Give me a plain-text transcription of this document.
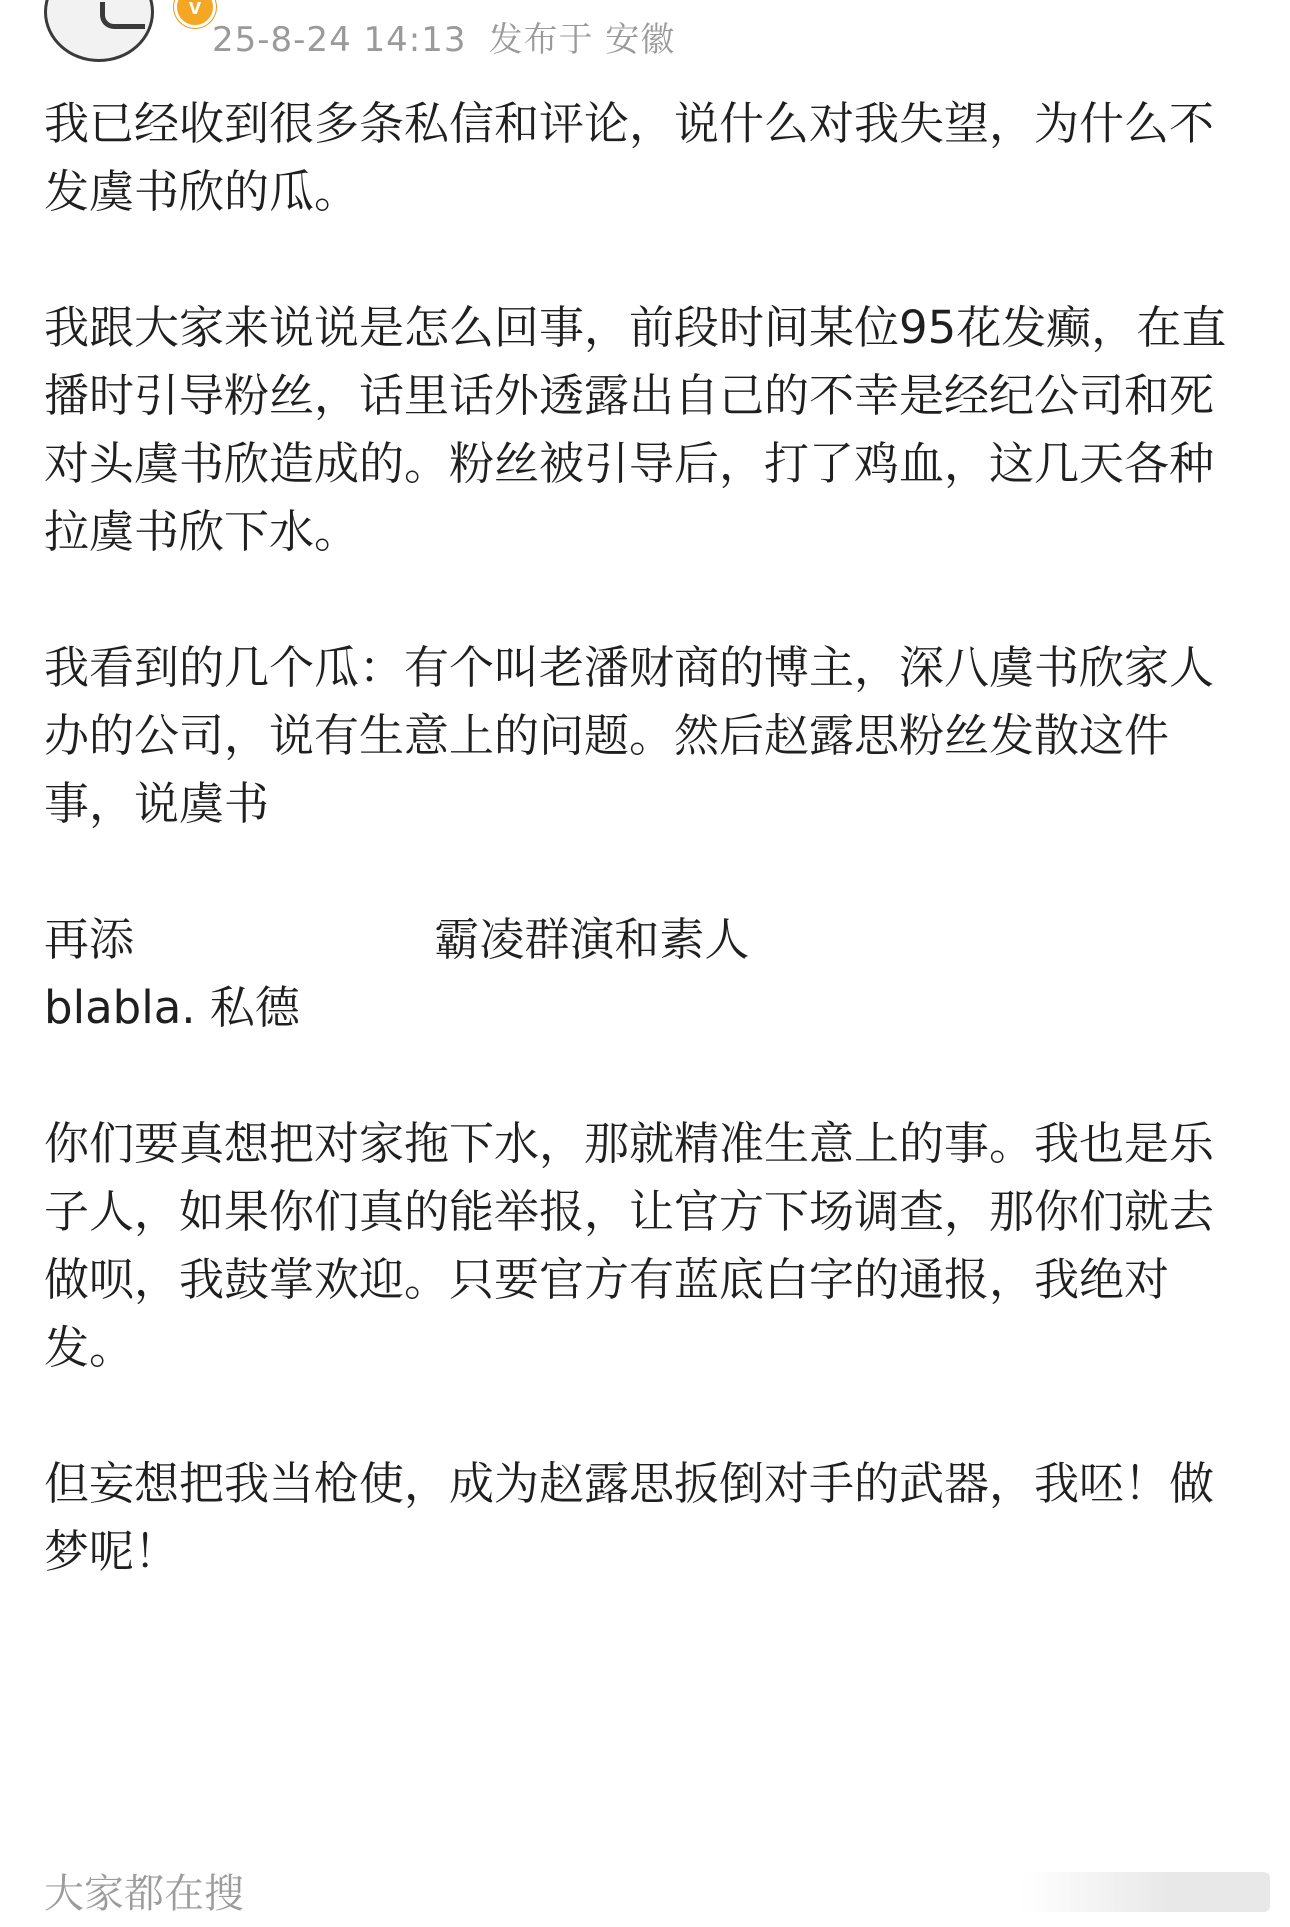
v
25-8-24 14:13 发布于 安徽

我已经收到很多条私信和评论，说什么对我失望，为什么不发虞书欣的瓜。

我跟大家来说说是怎么回事，前段时间某位95花发癫，在直播时引导粉丝，话里话外透露出自己的不幸是经纪公司和死对头虞书欣造成的。粉丝被引导后，打了鸡血，这几天各种拉虞书欣下水。

我看到的几个瓜：有个叫老潘财商的博主，深八虞书欣家人办的公司，说有生意上的问题。然后赵露思粉丝发散这件事，说虞书

再添                     霸凌群演和素人
blabla. 私德

你们要真想把对家拖下水，那就精准生意上的事。我也是乐子人，如果你们真的能举报，让官方下场调查，那你们就去做呗，我鼓掌欢迎。只要官方有蓝底白字的通报，我绝对发。

但妄想把我当枪使，成为赵露思扳倒对手的武器，我呸！做梦呢！

大家都在搜
